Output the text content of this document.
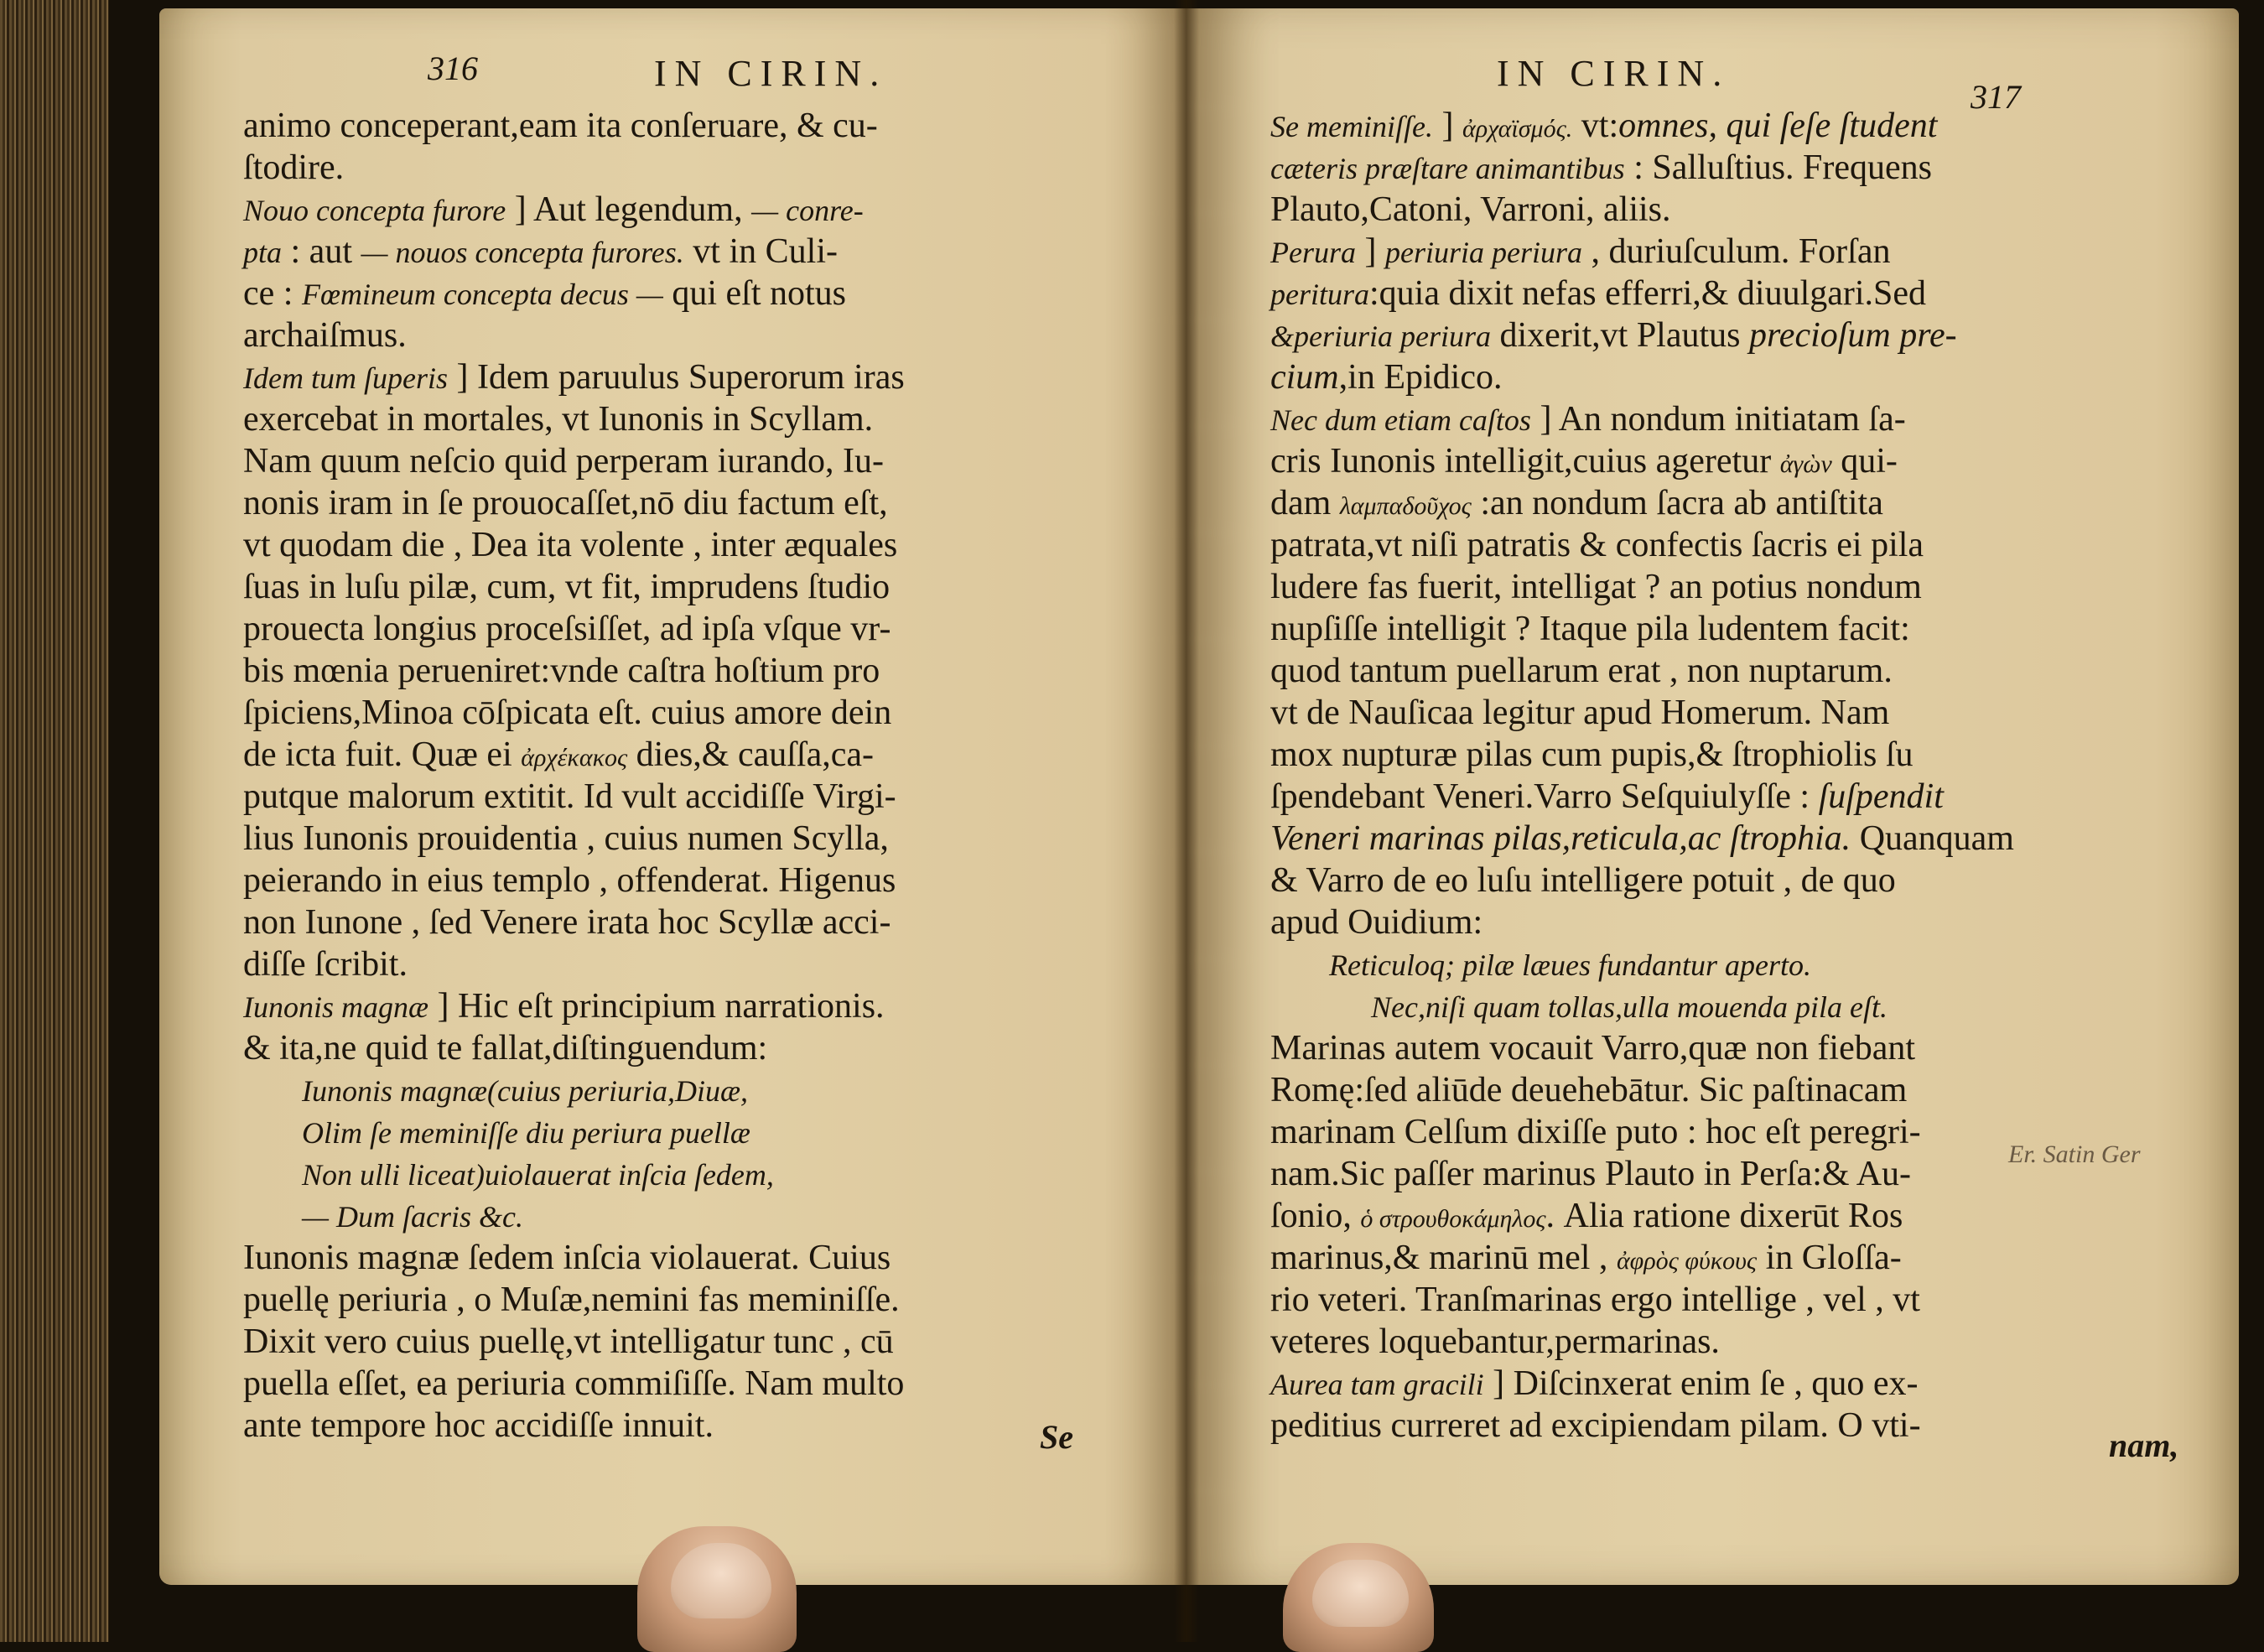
316	IN CIRIN.
animo conceperant,eam ita conſeruare, & cu-
ſtodire.
Nouo concepta furore ] Aut legendum, — conre-
pta : aut — nouos concepta furores. vt in Culi-
ce : Fœmineum concepta decus — qui eſt notus
archaiſmus.
Idem tum ſuperis ] Idem paruulus Superorum iras
exercebat in mortales, vt Iunonis in Scyllam.
Nam quum neſcio quid perperam iurando, Iu-
nonis iram in ſe prouocaſſet,nō diu factum eſt,
vt quodam die , Dea ita volente , inter æquales
ſuas in luſu pilæ, cum, vt fit, imprudens ſtudio
prouecta longius proceſsiſſet, ad ipſa vſque vr-
bis mœnia perueniret:vnde caſtra hoſtium pro
ſpiciens,Minoa cōſpicata eſt. cuius amore dein
de icta fuit. Quæ ei ἀρχέκακος dies,& cauſſa,ca-
putque malorum extitit. Id vult accidiſſe Virgi-
lius Iunonis prouidentia , cuius numen Scylla,
peierando in eius templo , offenderat. Higenus
non Iunone , ſed Venere irata hoc Scyllæ acci-
diſſe ſcribit.
Iunonis magnæ ] Hic eſt principium narrationis.
& ita,ne quid te fallat,diſtinguendum:
Iunonis magnæ(cuius periuria,Diuæ,
Olim ſe meminiſſe diu periura puellæ
Non ulli liceat)uiolauerat inſcia ſedem,
— Dum ſacris &c.
Iunonis magnæ ſedem inſcia violauerat. Cuius
puellę periuria , o Muſæ,nemini fas meminiſſe.
Dixit vero cuius puellę,vt intelligatur tunc , cū
puella eſſet, ea periuria commiſiſſe. Nam multo
ante tempore hoc accidiſſe innuit.	Se
IN CIRIN.
317
Se meminiſſe. ] ἀρχαϊσμός. vt:omnes, qui ſeſe ſtudent
cæteris præſtare animantibus : Salluſtius. Frequens
Plauto,Catoni, Varroni, aliis.
Perura ] periuria periura , duriuſculum. Forſan
peritura:quia dixit nefas efferri,& diuulgari.Sed
&periuria periura dixerit,vt Plautus precioſum pre-
cium,in Epidico.
Nec dum etiam caſtos ] An nondum initiatam ſa-
cris Iunonis intelligit,cuius ageretur ἀγὼν qui-
dam λαμπαδοῦχος :an nondum ſacra ab antiſtita
patrata,vt niſi patratis & confectis ſacris ei pila
ludere fas fuerit, intelligat ? an potius nondum
nupſiſſe intelligit ? Itaque pila ludentem facit:
quod tantum puellarum erat , non nuptarum.
vt de Nauſicaa legitur apud Homerum. Nam
mox nupturæ pilas cum pupis,& ſtrophiolis ſu
ſpendebant Veneri.Varro Seſquiulyſſe : ſuſpendit
Veneri marinas pilas,reticula,ac ſtrophia. Quanquam
& Varro de eo luſu intelligere potuit , de quo
apud Ouidium:
Reticuloq; pilæ læues fundantur aperto.
Nec,niſi quam tollas,ulla mouenda pila eſt.
Marinas autem vocauit Varro,quæ non fiebant
Romę:ſed aliūde deuehebātur. Sic paſtinacam
marinam Celſum dixiſſe puto : hoc eſt peregri-
nam.Sic paſſer marinus Plauto in Perſa:& Au-
ſonio, ὁ στρουθοκάμηλος. Alia ratione dixerūt Ros
marinus,& marinū mel , ἀφρὸς φύκους in Gloſſa-
rio veteri. Tranſmarinas ergo intellige , vel , vt
veteres loquebantur,permarinas.
Aurea tam gracili ] Diſcinxerat enim ſe , quo ex-
peditius curreret ad excipiendam pilam. O vti-
nam,
Er. Satin Ger
